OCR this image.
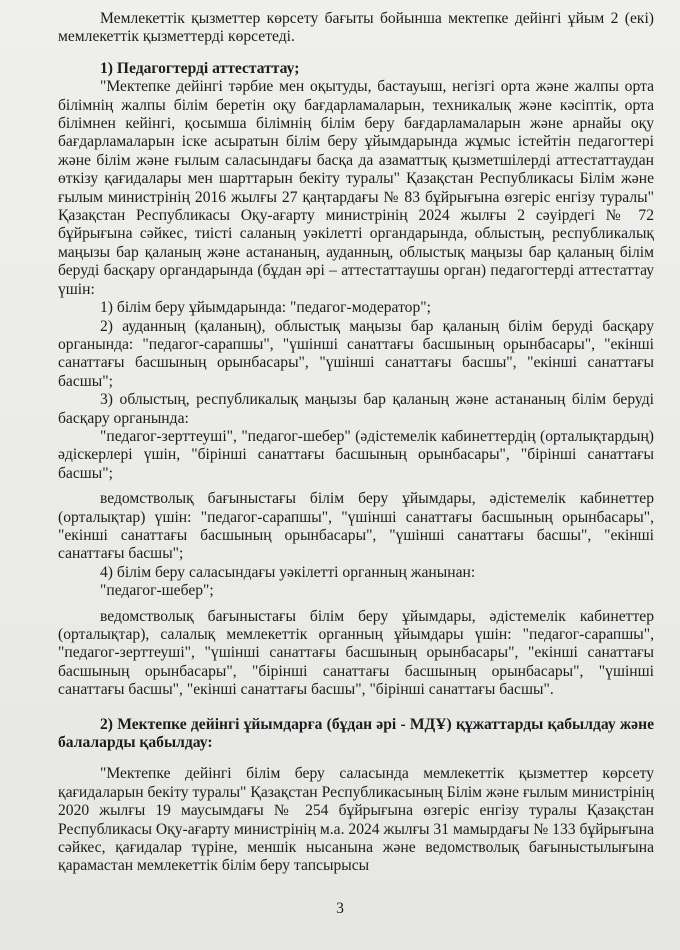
Мемлекеттік қызметтер көрсету бағыты бойынша мектепке дейінгі ұйым 2 (екі) мемлекеттік қызметтерді көрсетеді.

1) Педагогтерді аттестаттау;

"Мектепке дейінгі тәрбие мен оқытуды, бастауыш, негізгі орта және жалпы орта білімнің жалпы білім беретін оқу бағдарламаларын, техникалық және кәсіптік, орта білімнен кейінгі, қосымша білімнің білім беру бағдарламаларын және арнайы оқу бағдарламаларын іске асыратын білім беру ұйымдарында жұмыс істейтін педагогтері және білім және ғылым саласындағы басқа да азаматтық қызметшілерді аттестаттаудан өткізу қағидалары мен шарттарын бекіту туралы" Қазақстан Республикасы Білім және ғылым министрінің 2016 жылғы 27 қаңтардағы № 83 бұйрығына өзгеріс енгізу туралы" Қазақстан Республикасы Оқу-ағарту министрінің 2024 жылғы 2 сәуірдегі № 72 бұйрығына сәйкес, тиісті саланың уәкілетті органдарында, облыстың, республикалық маңызы бар қаланың және астананың, ауданның, облыстық маңызы бар қаланың білім беруді басқару органдарында (бұдан әрі – аттестаттаушы орган) педагогтерді аттестаттау үшін:

1) білім беру ұйымдарында: "педагог-модератор";

2) ауданның (қаланың), облыстық маңызы бар қаланың білім беруді басқару органында: "педагог-сарапшы", "үшінші санаттағы басшының орынбасары", "екінші санаттағы басшының орынбасары", "үшінші санаттағы басшы", "екінші санаттағы басшы";

3) облыстың, республикалық маңызы бар қаланың және астананың білім беруді басқару органында:

"педагог-зерттеуші", "педагог-шебер" (әдістемелік кабинеттердің (орталықтардың) әдіскерлері үшін, "бірінші санаттағы басшының орынбасары", "бірінші санаттағы басшы";

ведомстволық бағыныстағы білім беру ұйымдары, әдістемелік кабинеттер (орталықтар) үшін: "педагог-сарапшы", "үшінші санаттағы басшының орынбасары", "екінші санаттағы басшының орынбасары", "үшінші санаттағы басшы", "екінші санаттағы басшы";

4) білім беру саласындағы уәкілетті органның жанынан:

"педагог-шебер";

ведомстволық бағыныстағы білім беру ұйымдары, әдістемелік кабинеттер (орталықтар), салалық мемлекеттік органның ұйымдары үшін: "педагог-сарапшы", "педагог-зерттеуші", "үшінші санаттағы басшының орынбасары", "екінші санаттағы басшының орынбасары", "бірінші санаттағы басшының орынбасары", "үшінші санаттағы басшы", "екінші санаттағы басшы", "бірінші санаттағы басшы".

2) Мектепке дейінгі ұйымдарға (бұдан әрі - МДҰ) құжаттарды қабылдау және балаларды қабылдау:

"Мектепке дейінгі білім беру саласында мемлекеттік қызметтер көрсету қағидаларын бекіту туралы" Қазақстан Республикасының Білім және ғылым министрінің 2020 жылғы 19 маусымдағы № 254 бұйрығына өзгеріс енгізу туралы Қазақстан Республикасы Оқу-ағарту министрінің м.а. 2024 жылғы 31 мамырдағы № 133 бұйрығына сәйкес, қағидалар түріне, меншік нысанына және ведомстволық бағыныстылығына қарамастан мемлекеттік білім беру тапсырысы

3
